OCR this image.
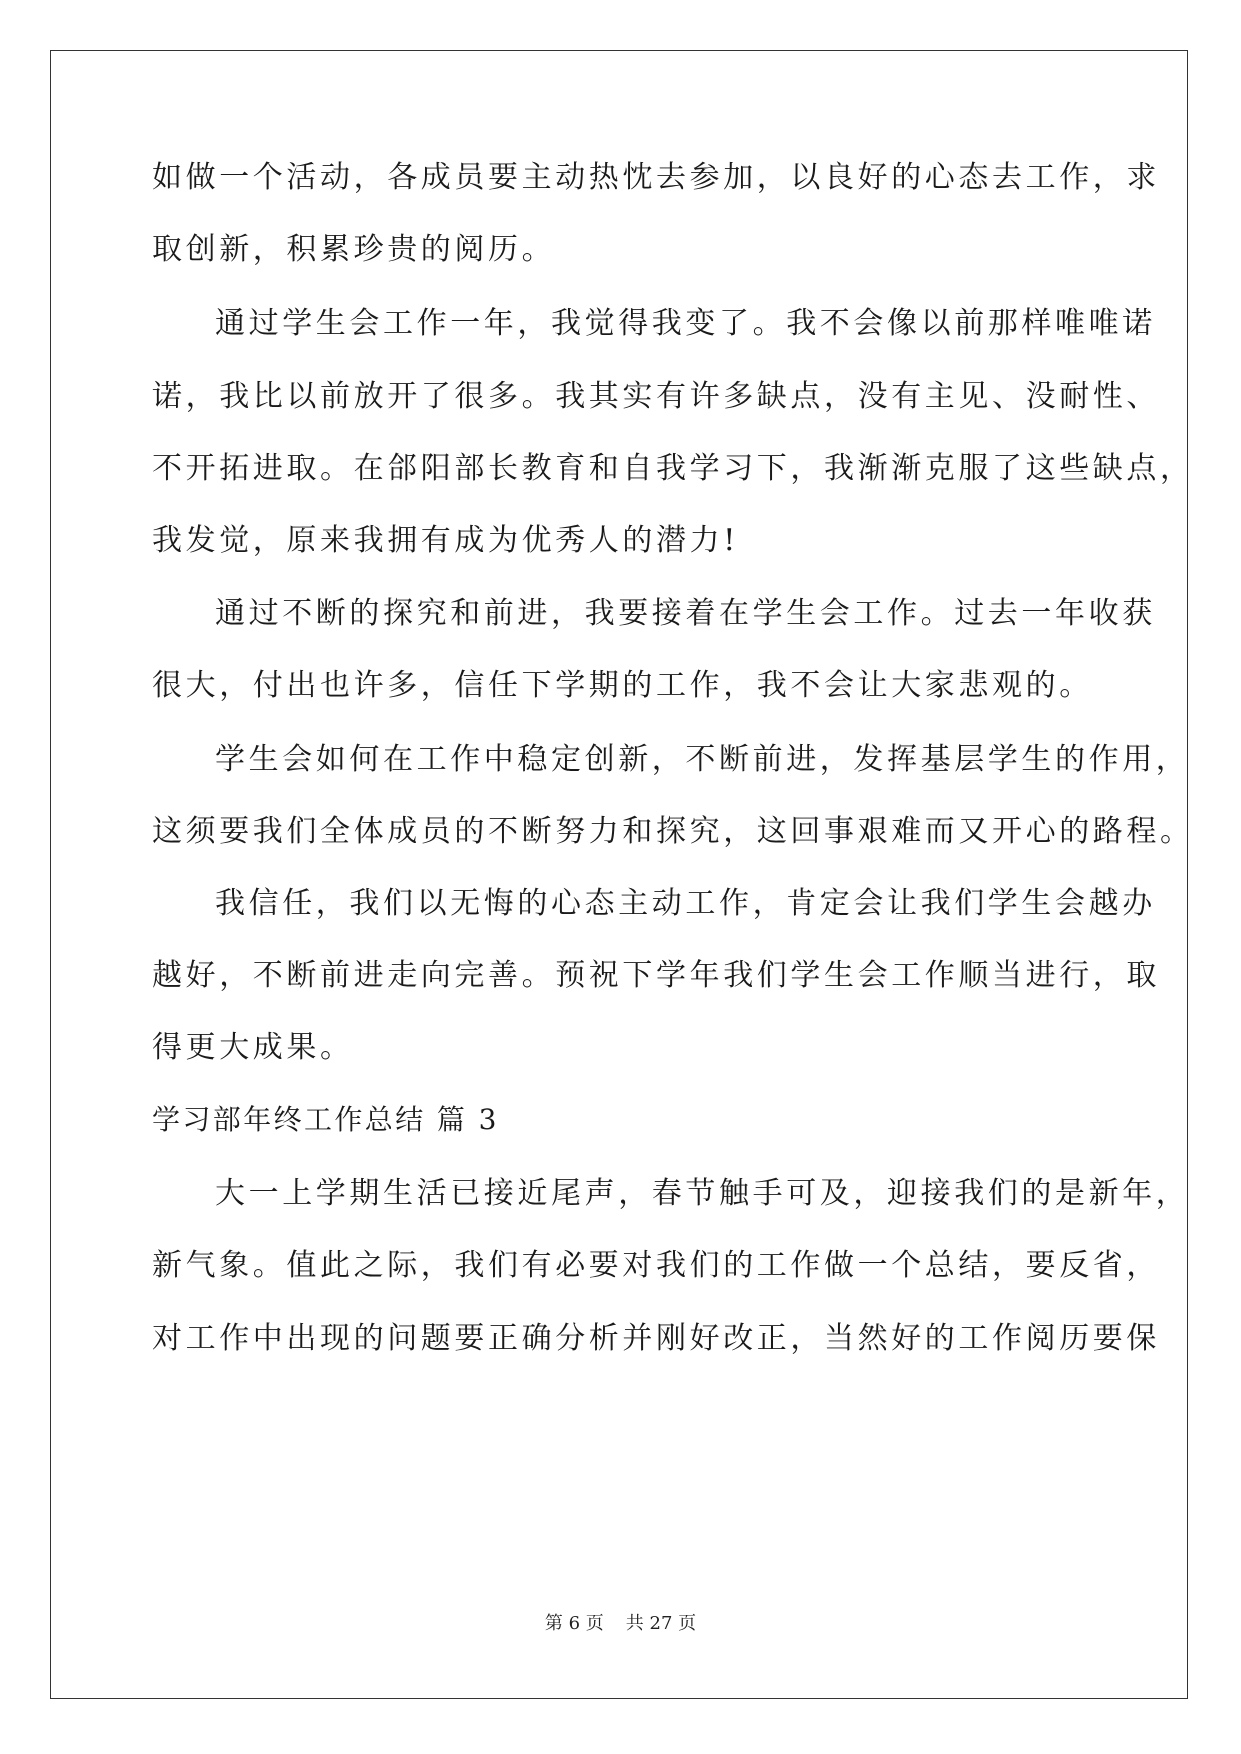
如做一个活动，各成员要主动热忱去参加，以良好的心态去工作，求
取创新，积累珍贵的阅历。
通过学生会工作一年，我觉得我变了。我不会像以前那样唯唯诺
诺，我比以前放开了很多。我其实有许多缺点，没有主见、没耐性、
不开拓进取。在郃阳部长教育和自我学习下，我渐渐克服了这些缺点，
我发觉，原来我拥有成为优秀人的潜力!
通过不断的探究和前进，我要接着在学生会工作。过去一年收获
很大，付出也许多，信任下学期的工作，我不会让大家悲观的。
学生会如何在工作中稳定创新，不断前进，发挥基层学生的作用，
这须要我们全体成员的不断努力和探究，这回事艰难而又开心的路程。
我信任，我们以无悔的心态主动工作，肯定会让我们学生会越办
越好，不断前进走向完善。预祝下学年我们学生会工作顺当进行，取
得更大成果。
学习部年终工作总结 篇 3
大一上学期生活已接近尾声，春节触手可及，迎接我们的是新年，
新气象。值此之际，我们有必要对我们的工作做一个总结，要反省，
对工作中出现的问题要正确分析并刚好改正，当然好的工作阅历要保
第 6 页 共 27 页
